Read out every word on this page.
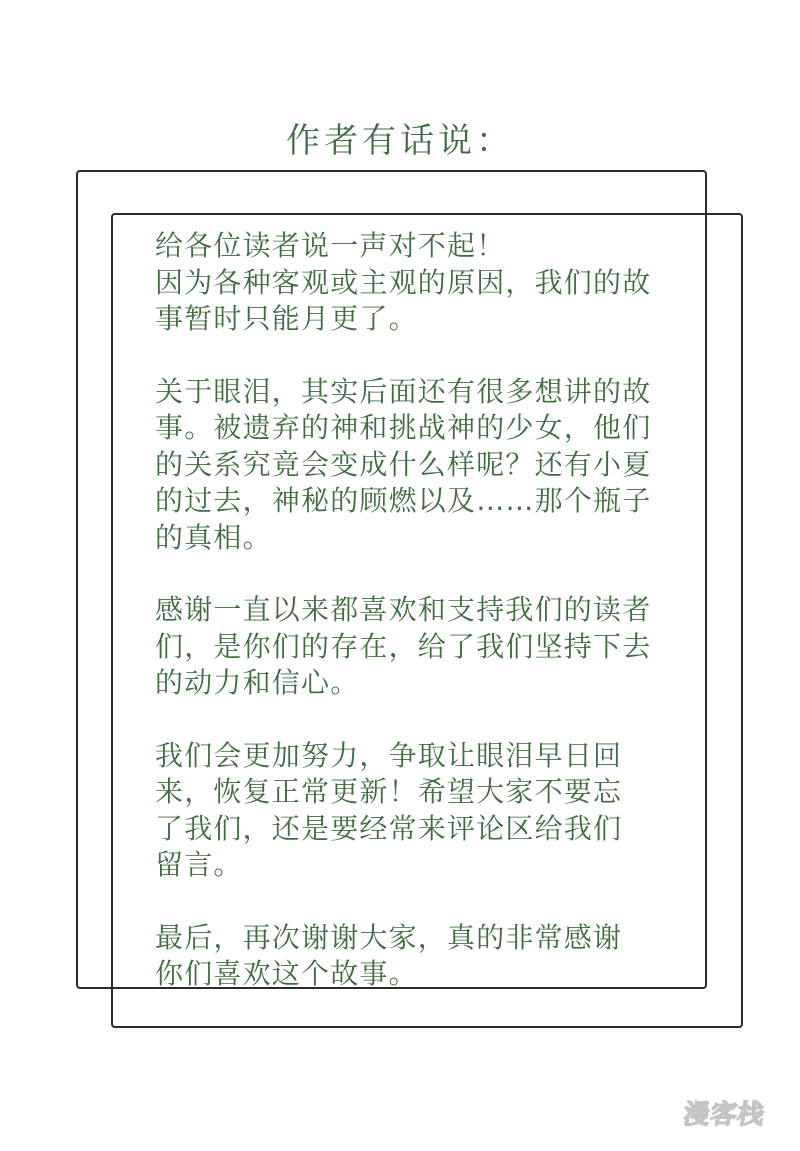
作者有话说：

给各位读者说一声对不起！
因为各种客观或主观的原因，我们的故
事暂时只能月更了。

关于眼泪，其实后面还有很多想讲的故
事。被遗弃的神和挑战神的少女，他们
的关系究竟会变成什么样呢？还有小夏
的过去，神秘的顾燃以及……那个瓶子
的真相。

感谢一直以来都喜欢和支持我们的读者
们，是你们的存在，给了我们坚持下去
的动力和信心。

我们会更加努力，争取让眼泪早日回
来，恢复正常更新！希望大家不要忘
了我们，还是要经常来评论区给我们
留言。

最后，再次谢谢大家，真的非常感谢
你们喜欢这个故事。

漫客栈
